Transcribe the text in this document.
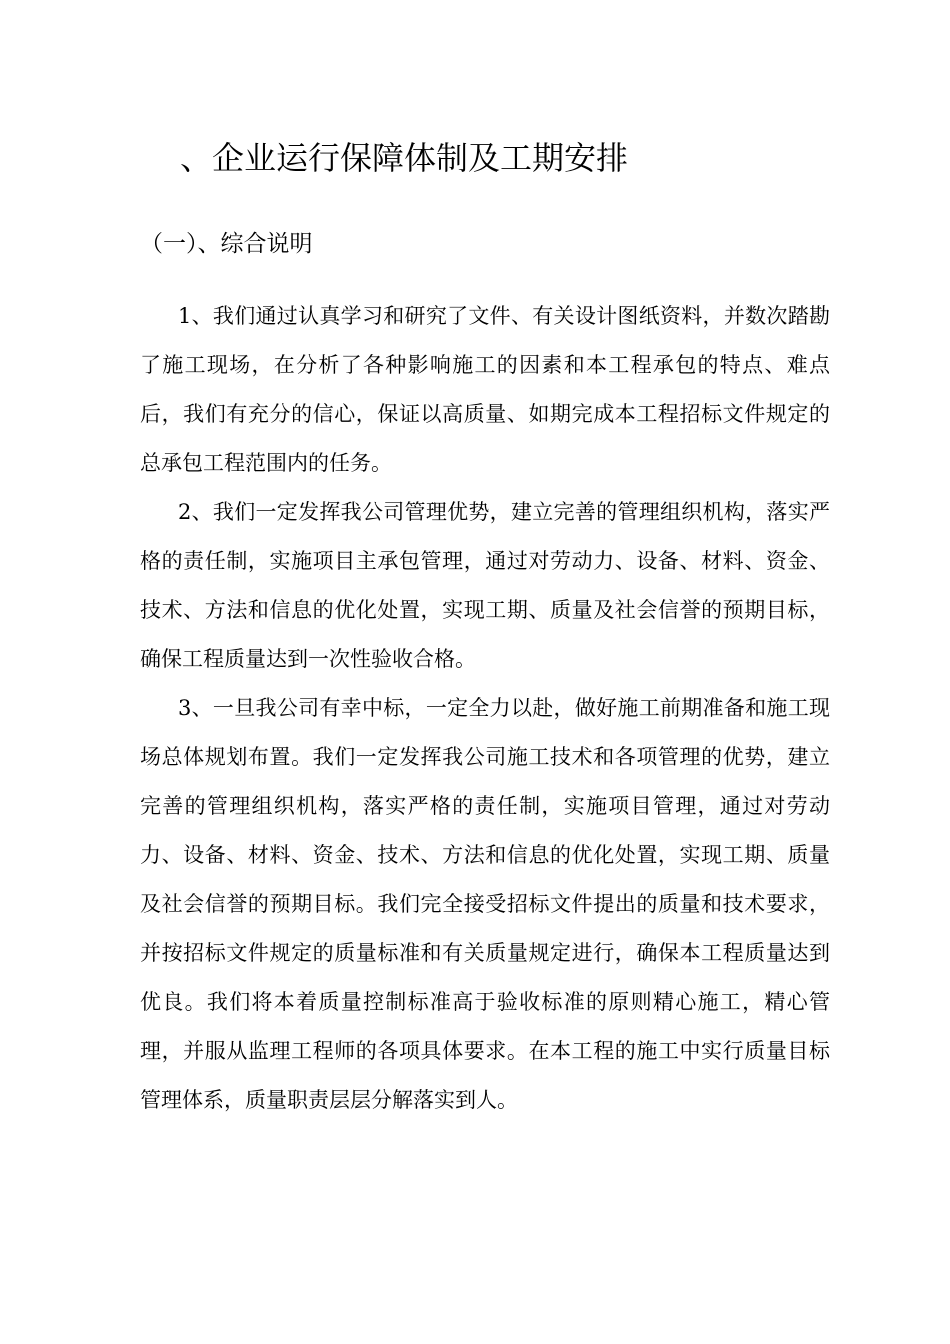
、企业运行保障体制及工期安排
（一）、综合说明

1、我们通过认真学习和研究了文件、有关设计图纸资料，并数次踏勘了施工现场，在分析了各种影响施工的因素和本工程承包的特点、难点后，我们有充分的信心，保证以高质量、如期完成本工程招标文件规定的总承包工程范围内的任务。

2、我们一定发挥我公司管理优势，建立完善的管理组织机构，落实严格的责任制，实施项目主承包管理，通过对劳动力、设备、材料、资金、技术、方法和信息的优化处置，实现工期、质量及社会信誉的预期目标，确保工程质量达到一次性验收合格。

3、一旦我公司有幸中标，一定全力以赴，做好施工前期准备和施工现场总体规划布置。我们一定发挥我公司施工技术和各项管理的优势，建立完善的管理组织机构，落实严格的责任制，实施项目管理，通过对劳动力、设备、材料、资金、技术、方法和信息的优化处置，实现工期、质量及社会信誉的预期目标。我们完全接受招标文件提出的质量和技术要求，并按招标文件规定的质量标准和有关质量规定进行，确保本工程质量达到优良。我们将本着质量控制标准高于验收标准的原则精心施工，精心管理，并服从监理工程师的各项具体要求。在本工程的施工中实行质量目标管理体系，质量职责层层分解落实到人。
